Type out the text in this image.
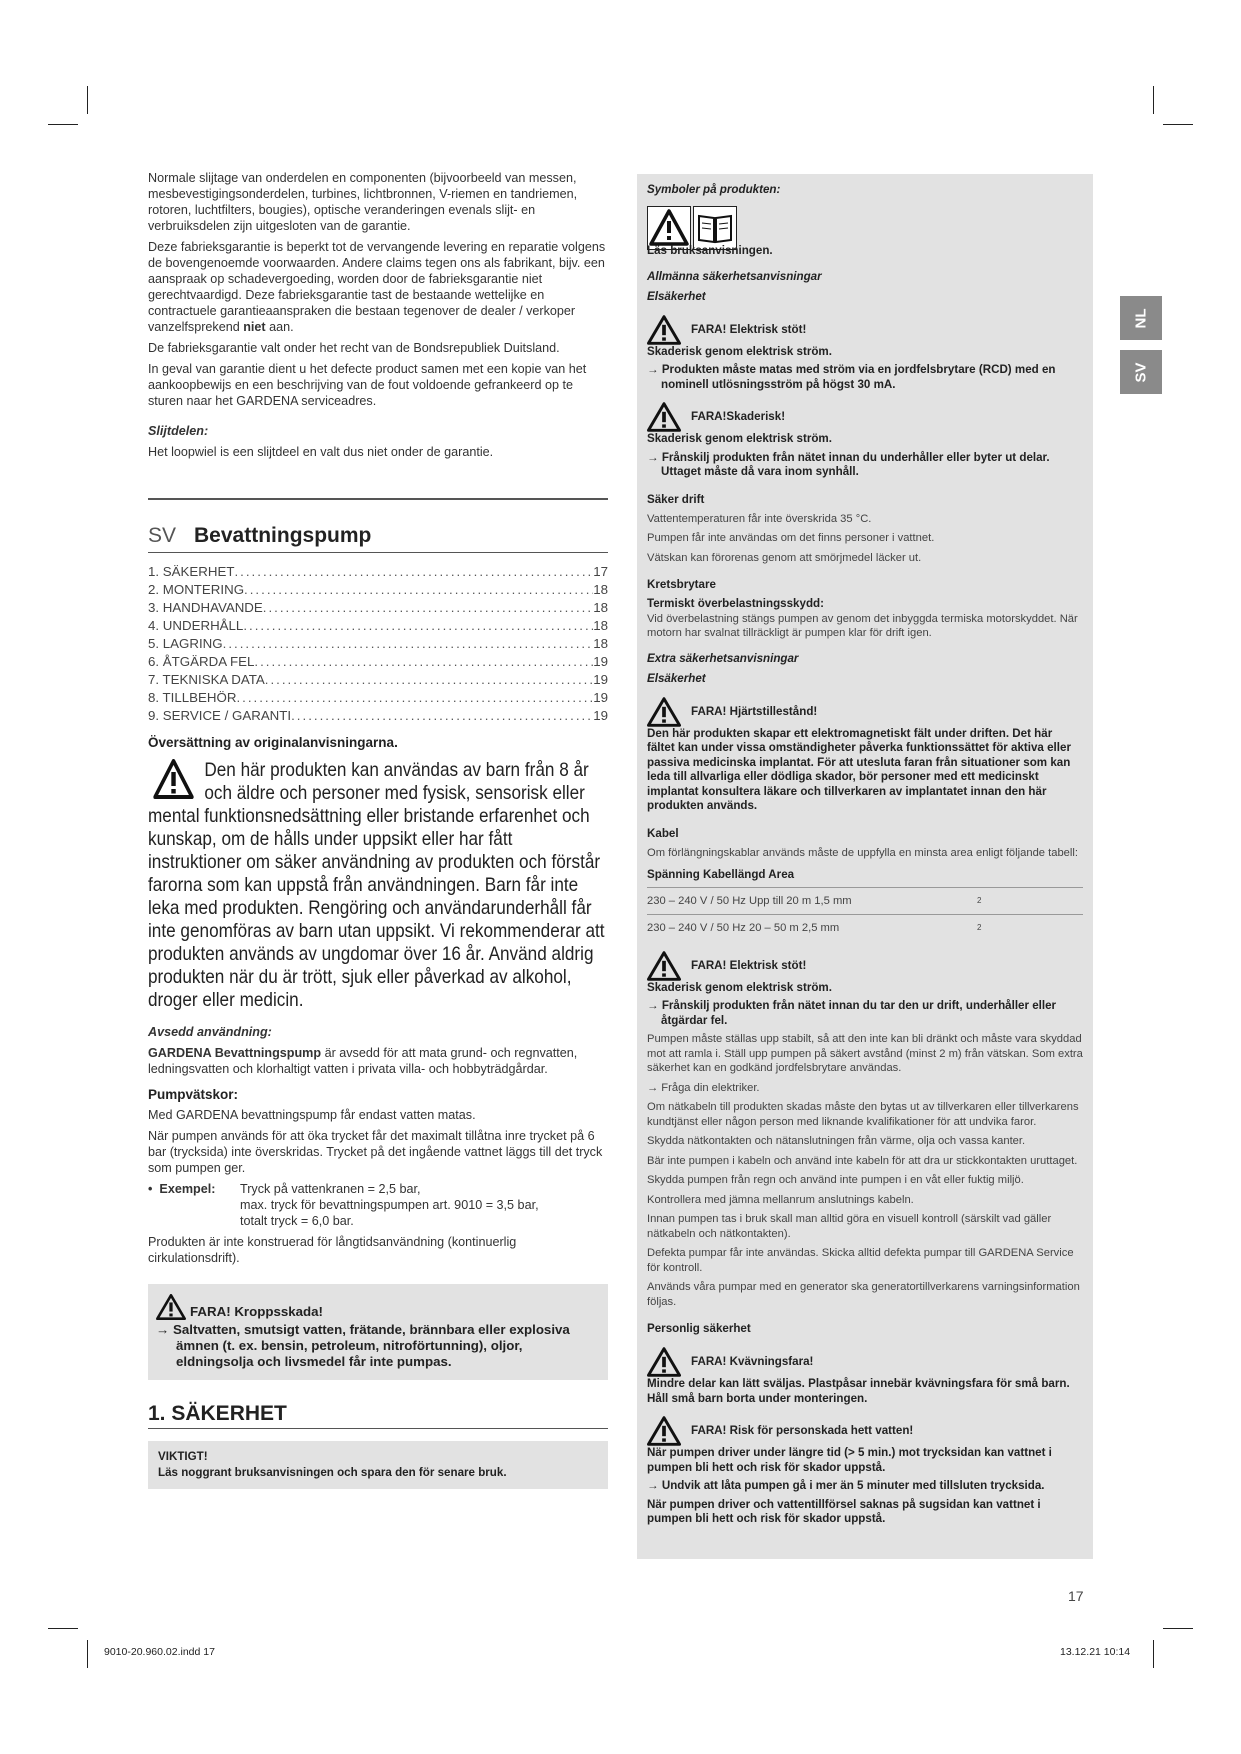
Normale slijtage van onderdelen en componenten (bijvoorbeeld van messen, mesbevestigingsonderdelen, turbines, lichtbronnen, V-riemen en tandriemen, rotoren, luchtfilters, bougies), optische veranderingen evenals slijt- en verbruiksdelen zijn uitgesloten van de garantie.

Deze fabrieksgarantie is beperkt tot de vervangende levering en reparatie volgens de bovengenoemde voorwaarden. Andere claims tegen ons als fabrikant, bijv. een aanspraak op schadevergoeding, worden door de fabrieksgarantie niet gerechtvaardigd. Deze fabrieksgarantie tast de bestaande wettelijke en contractuele garantieaanspraken die bestaan tegenover de dealer / verkoper vanzelfsprekend niet aan.

De fabrieksgarantie valt onder het recht van de Bondsrepubliek Duitsland.

In geval van garantie dient u het defecte product samen met een kopie van het aankoopbewijs en een beschrijving van de fout voldoende gefrankeerd op te sturen naar het GARDENA serviceadres.

Slijtdelen:

Het loopwiel is een slijtdeel en valt dus niet onder de garantie.

SV Bevattningspump
1. SÄKERHET .....	17
2. MONTERING .....	18
3. HANDHAVANDE .....	18
4. UNDERHÅLL .....	18
5. LAGRING .....	18
6. ÅTGÄRDA FEL .....	19
7. TEKNISKA DATA .....	19
8. TILLBEHÖR .....	19
9. SERVICE / GARANTI .....	19
Översättning av originalanvisningarna.
Den här produkten kan användas av barn från 8 år och äldre och personer med fysisk, sensorisk eller mental funktionsnedsättning eller bristande erfarenhet och kunskap, om de hålls under uppsikt eller har fått instruktioner om säker användning av produkten och förstår farorna som kan uppstå från användningen. Barn får inte leka med produkten. Rengöring och användarunderhåll får inte genomföras av barn utan uppsikt. Vi rekommenderar att produkten används av ungdomar över 16 år. Använd aldrig produkten när du är trött, sjuk eller påverkad av alkohol, droger eller medicin.

Avsedd användning:

GARDENA Bevattningspump är avsedd för att mata grund- och regnvatten, ledningsvatten och klorhaltigt vatten i privata villa- och hobbyträdgårdar.

Pumpvätskor:

Med GARDENA bevattningspump får endast vatten matas.

När pumpen används för att öka trycket får det maximalt tillåtna inre trycket på 6 bar (trycksida) inte överskridas. Trycket på det ingående vattnet läggs till det tryck som pumpen ger.

•  Exempel:	Tryck på vattenkranen = 2,5 bar,
max. tryck för bevattningspumpen art. 9010 = 3,5 bar,
totalt tryck = 6,0 bar.

Produkten är inte konstruerad för långtidsanvändning (kontinuerlig cirkulationsdrift).

FARA! Kroppsskada!

→ Saltvatten, smutsigt vatten, frätande, brännbara eller explosiva ämnen (t. ex. bensin, petroleum, nitroförtunning), oljor, eldningsolja och livsmedel får inte pumpas.

1. SÄKERHET

VIKTIGT!

Läs noggrant bruksanvisningen och spara den för senare bruk.

Symboler på produkten:

Läs bruksanvisningen.

Allmänna säkerhetsanvisningar

Elsäkerhet

FARA! Elektrisk stöt!

Skaderisk genom elektrisk ström.

→ Produkten måste matas med ström via en jordfelsbrytare (RCD) med en nominell utlösningsström på högst 30 mA.

FARA!Skaderisk!

Skaderisk genom elektrisk ström.

→ Frånskilj produkten från nätet innan du underhåller eller byter ut delar. Uttaget måste då vara inom synhåll.

Säker drift

Vattentemperaturen får inte överskrida 35 °C.

Pumpen får inte användas om det finns personer i vattnet.

Vätskan kan förorenas genom att smörjmedel läcker ut.

Kretsbrytare

Termiskt överbelastningsskydd:

Vid överbelastning stängs pumpen av genom det inbyggda termiska motorskyddet. När motorn har svalnat tillräckligt är pumpen klar för drift igen.

Extra säkerhetsanvisningar

Elsäkerhet

FARA! Hjärtstillestånd!

Den här produkten skapar ett elektromagnetiskt fält under driften. Det här fältet kan under vissa omständigheter påverka funktionssättet för aktiva eller passiva medicinska implantat. För att utesluta faran från situationer som kan leda till allvarliga eller dödliga skador, bör personer med ett medicinskt implantat konsultera läkare och tillverkaren av implantatet innan den här produkten används.

Kabel

Om förlängningskablar används måste de uppfylla en minsta area enligt följande tabell:

Spänning Kabellängd Area

230 – 240 V / 50 Hz Upp till 20 m 1,5 mm	2
230 – 240 V / 50 Hz 20 – 50 m 2,5 mm	2
FARA! Elektrisk stöt!

Skaderisk genom elektrisk ström.

→ Frånskilj produkten från nätet innan du tar den ur drift, underhåller eller åtgärdar fel.

Pumpen måste ställas upp stabilt, så att den inte kan bli dränkt och måste vara skyddad mot att ramla i. Ställ upp pumpen på säkert avstånd (minst 2 m) från vätskan. Som extra säkerhet kan en godkänd jordfelsbrytare användas.

→ Fråga din elektriker.

Om nätkabeln till produkten skadas måste den bytas ut av tillverkaren eller tillverkarens kundtjänst eller någon person med liknande kvalifikationer för att undvika faror.

Skydda nätkontakten och nätanslutningen från värme, olja och vassa kanter.

Bär inte pumpen i kabeln och använd inte kabeln för att dra ur stickkontakten uruttaget.

Skydda pumpen från regn och använd inte pumpen i en våt eller fuktig miljö.

Kontrollera med jämna mellanrum anslutnings kabeln.

Innan pumpen tas i bruk skall man alltid göra en visuell kontroll (särskilt vad gäller nätkabeln och nätkontakten).

Defekta pumpar får inte användas. Skicka alltid defekta pumpar till GARDENA Service för kontroll.

Används våra pumpar med en generator ska generatortillverkarens varningsinformation följas.

Personlig säkerhet

FARA! Kvävningsfara!

Mindre delar kan lätt sväljas. Plastpåsar innebär kvävningsfara för små barn. Håll små barn borta under monteringen.

FARA! Risk för personskada hett vatten!

När pumpen driver under längre tid (> 5 min.) mot trycksidan kan vattnet i pumpen bli hett och risk för skador uppstå.

→ Undvik att låta pumpen gå i mer än 5 minuter med tillsluten trycksida.

När pumpen driver och vattentillförsel saknas på sugsidan kan vattnet i pumpen bli hett och risk för skador uppstå.

NL
SV
17
9010-20.960.02.indd 17	13.12.21 10:14
